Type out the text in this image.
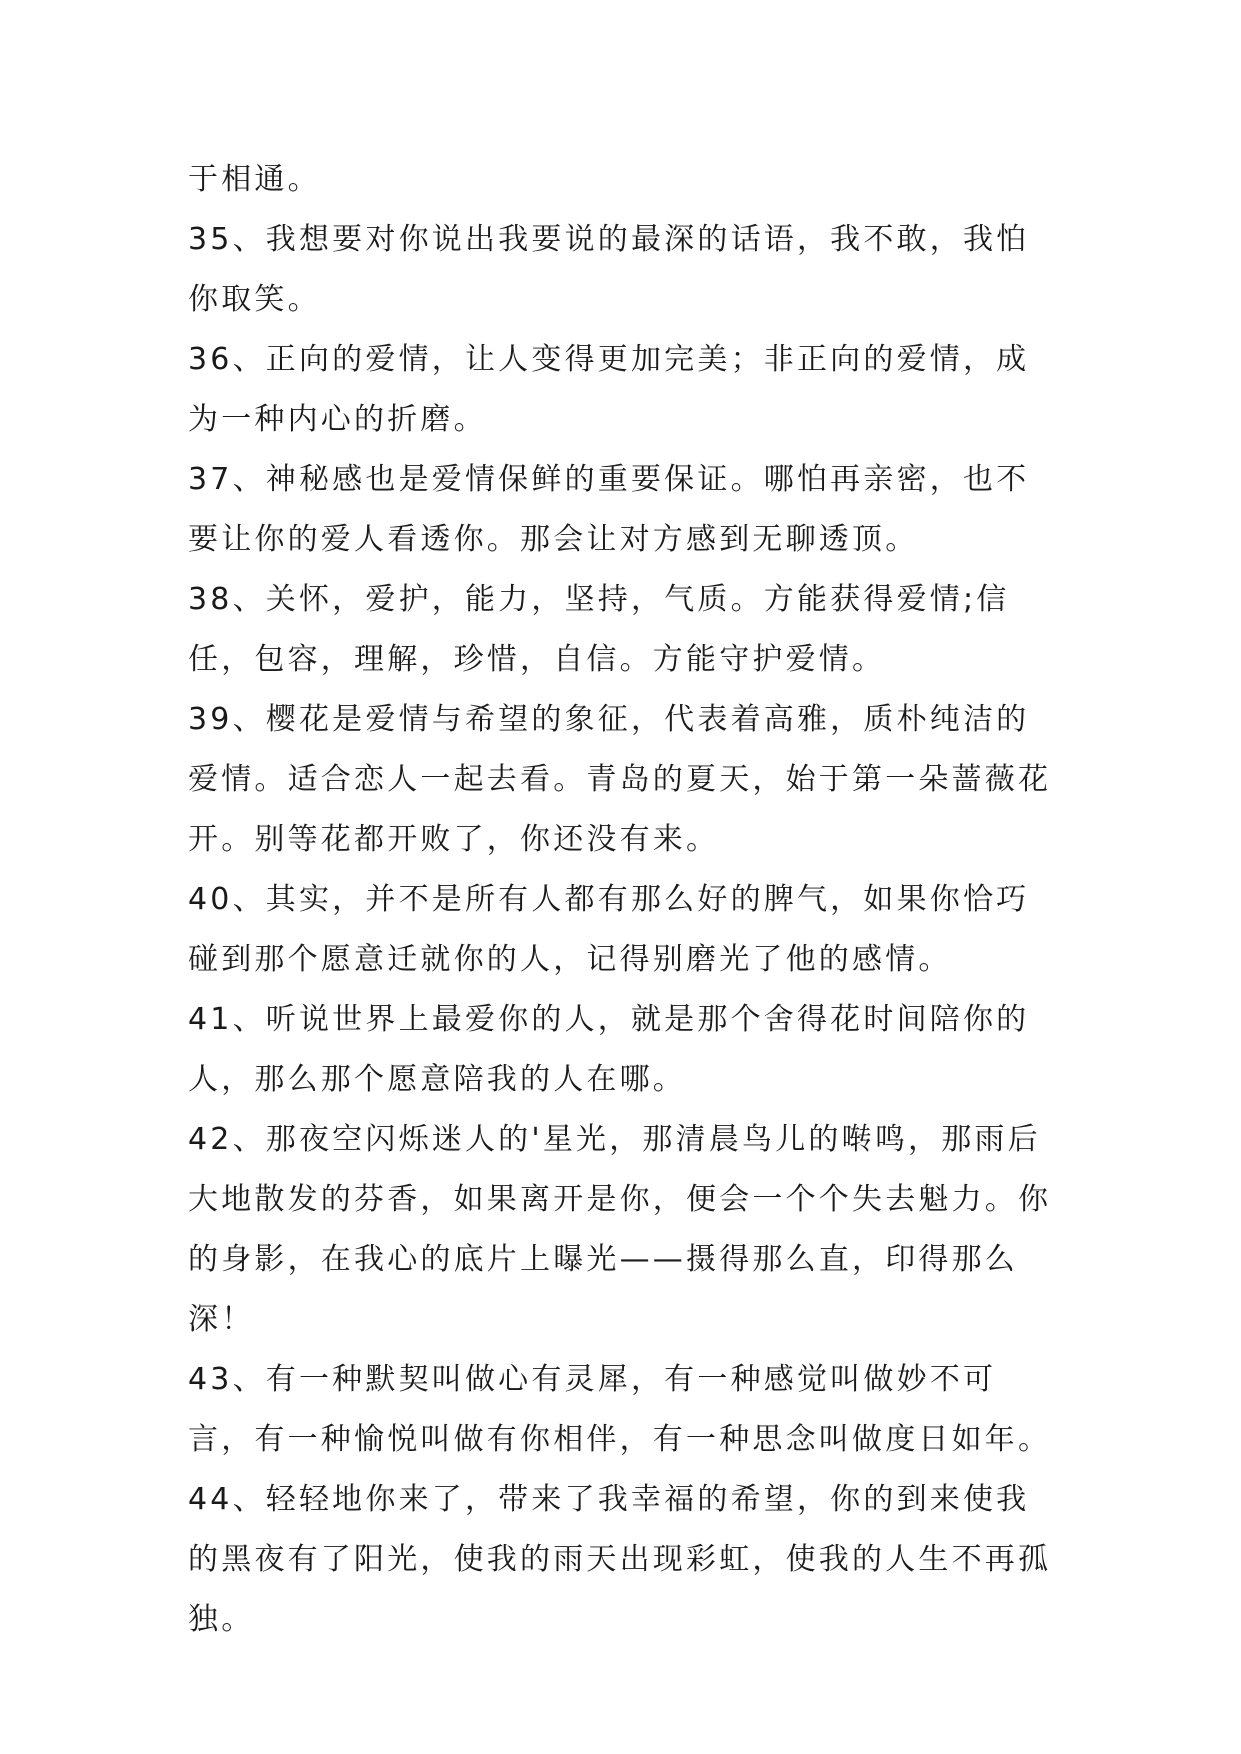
于相通。

35、我想要对你说出我要说的最深的话语，我不敢，我怕你取笑。

36、正向的爱情，让人变得更加完美；非正向的爱情，成为一种内心的折磨。

37、神秘感也是爱情保鲜的重要保证。哪怕再亲密，也不要让你的爱人看透你。那会让对方感到无聊透顶。

38、关怀，爱护，能力，坚持，气质。方能获得爱情;信任，包容，理解，珍惜，自信。方能守护爱情。

39、樱花是爱情与希望的象征，代表着高雅，质朴纯洁的爱情。适合恋人一起去看。青岛的夏天，始于第一朵蔷薇花开。别等花都开败了，你还没有来。

40、其实，并不是所有人都有那么好的脾气，如果你恰巧碰到那个愿意迁就你的人，记得别磨光了他的感情。

41、听说世界上最爱你的人，就是那个舍得花时间陪你的人，那么那个愿意陪我的人在哪。

42、那夜空闪烁迷人的'星光，那清晨鸟儿的啭鸣，那雨后大地散发的芬香，如果离开是你，便会一个个失去魁力。你的身影，在我心的底片上曝光——摄得那么直，印得那么深！

43、有一种默契叫做心有灵犀，有一种感觉叫做妙不可言，有一种愉悦叫做有你相伴，有一种思念叫做度日如年。

44、轻轻地你来了，带来了我幸福的希望，你的到来使我的黑夜有了阳光，使我的雨天出现彩虹，使我的人生不再孤独。
